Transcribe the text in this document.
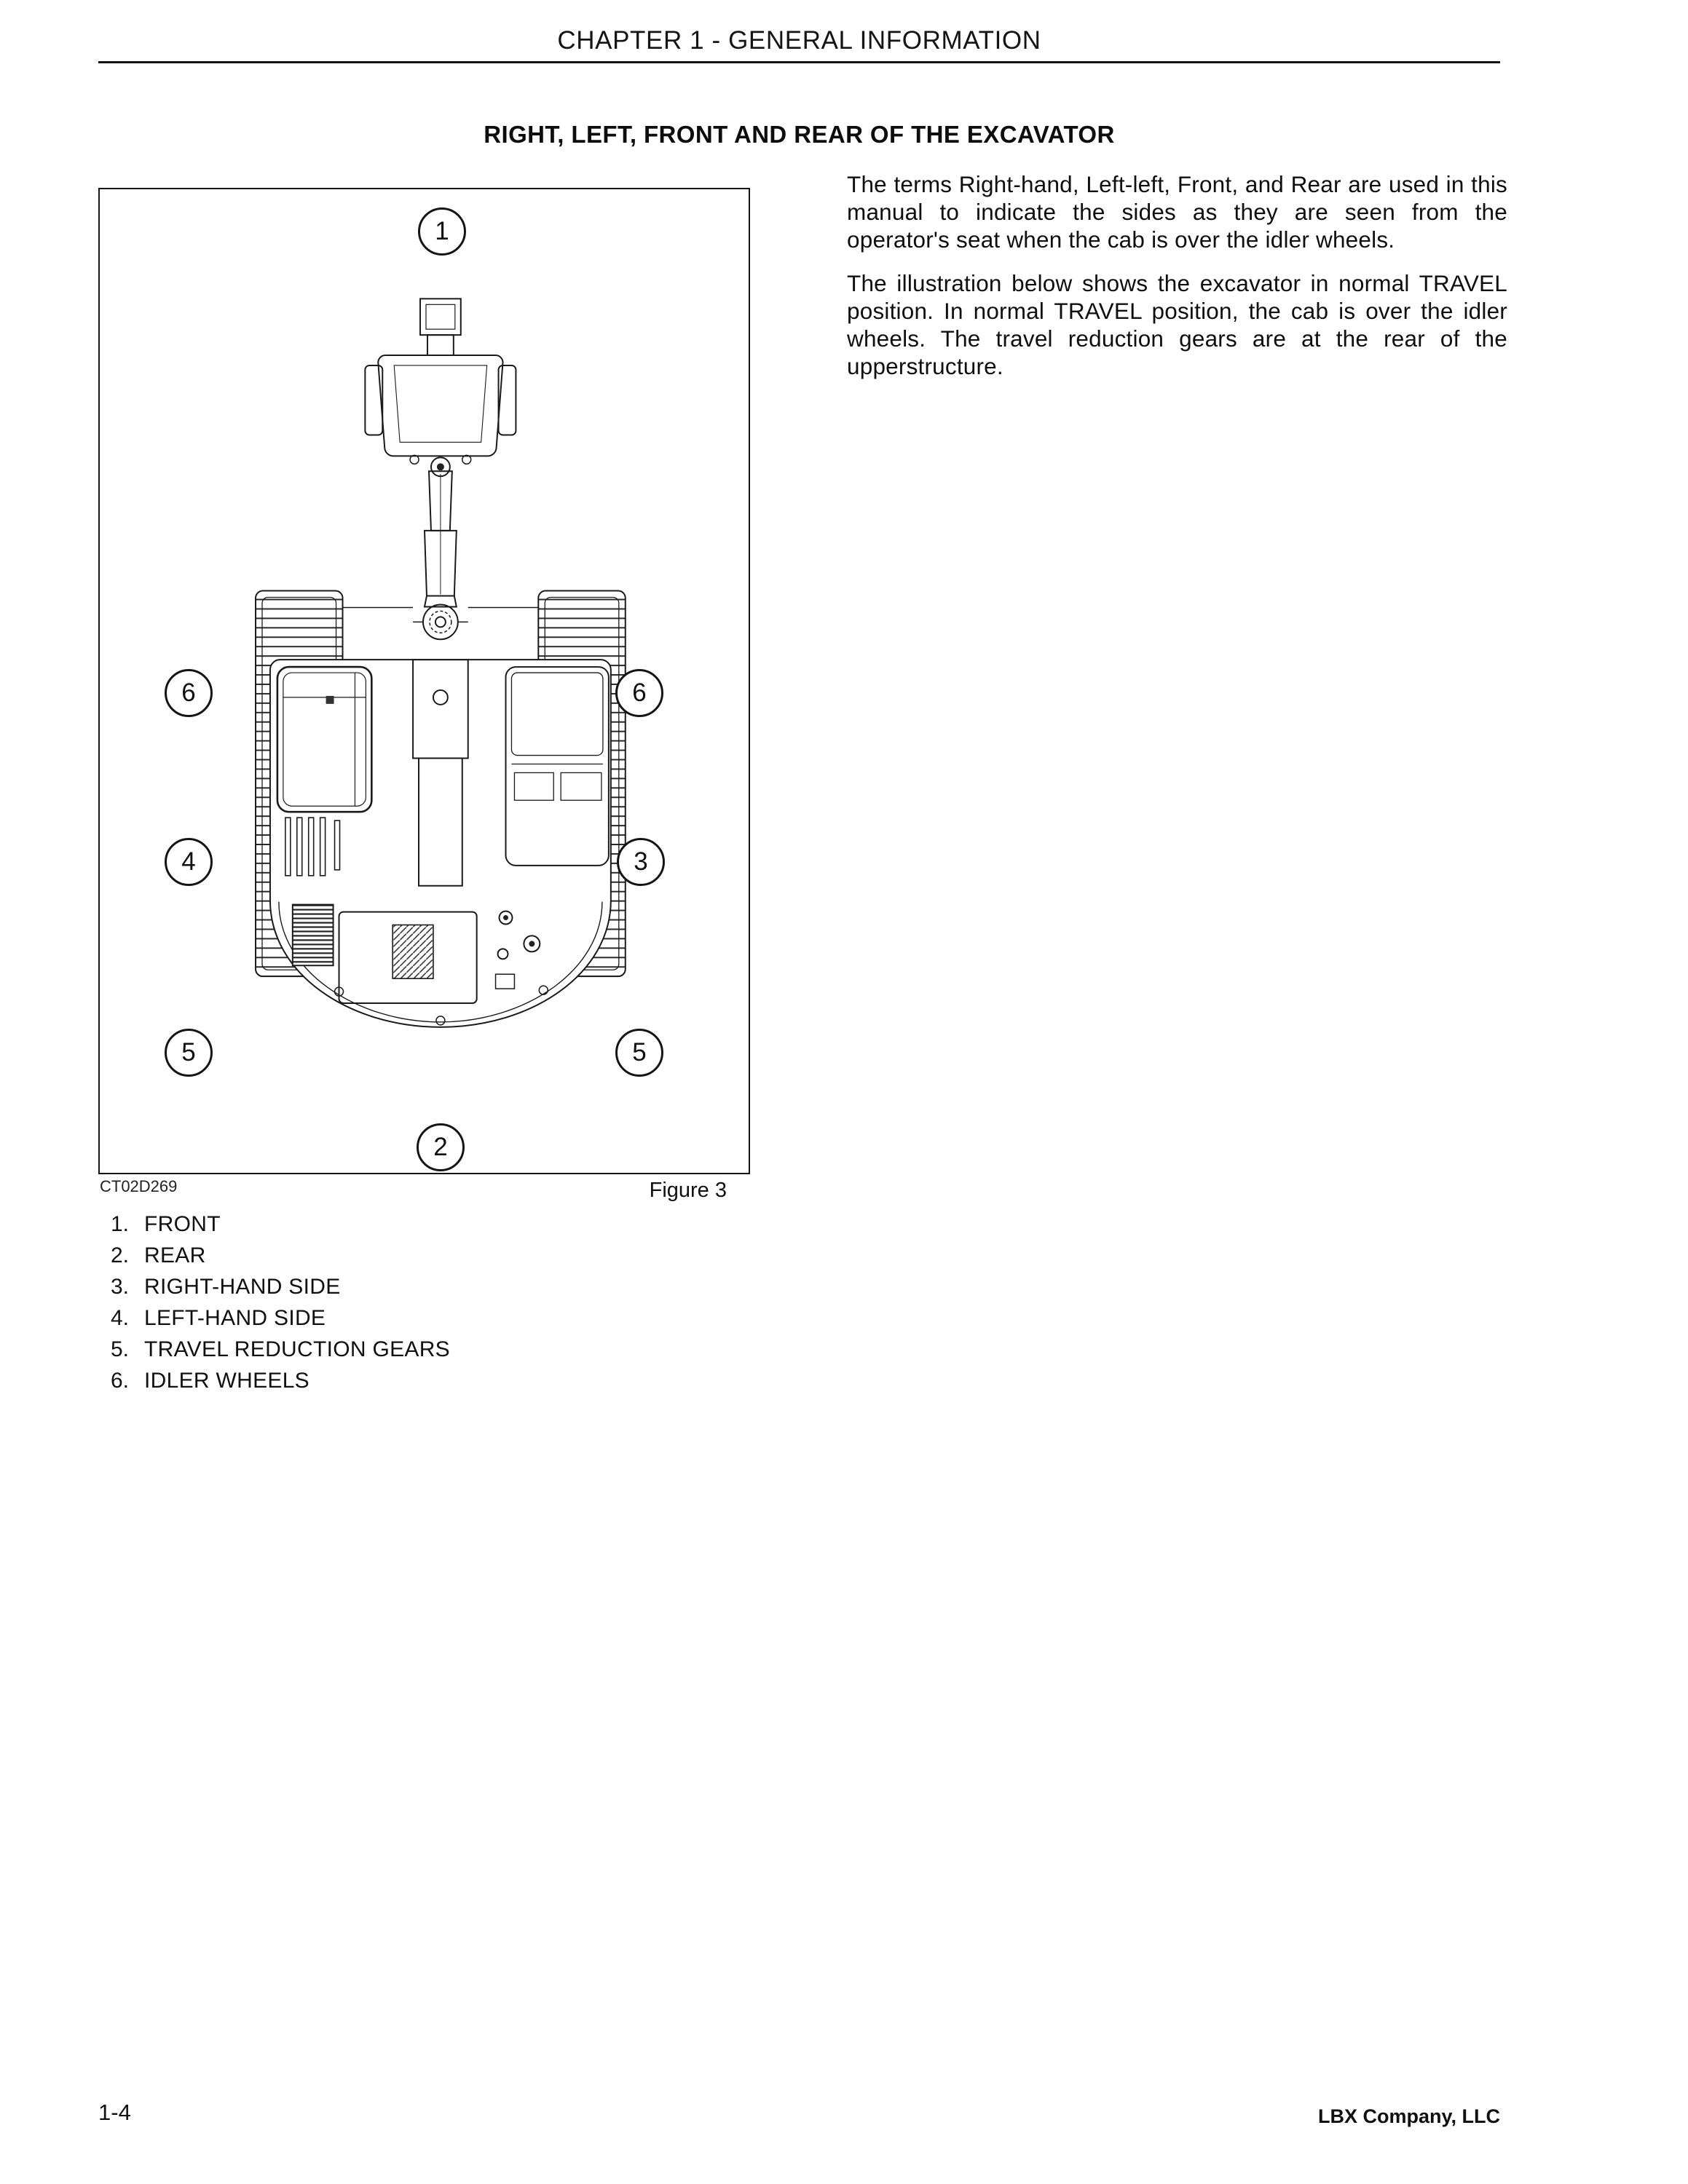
CHAPTER 1 - GENERAL INFORMATION
RIGHT, LEFT, FRONT AND REAR OF THE EXCAVATOR
1
6	6
4	3
5	5
2
CT02D269	Figure 3
1. FRONT
2. REAR
3. RIGHT-HAND SIDE
4. LEFT-HAND SIDE
5. TRAVEL REDUCTION GEARS
6. IDLER WHEELS

The terms Right-hand, Left-left, Front, and Rear are used in this manual to indicate the sides as they are seen from the operator's seat when the cab is over the idler wheels.

The illustration below shows the excavator in normal TRAVEL position. In normal TRAVEL position, the cab is over the idler wheels. The travel reduction gears are at the rear of the upperstructure.

1-4	LBX Company, LLC
